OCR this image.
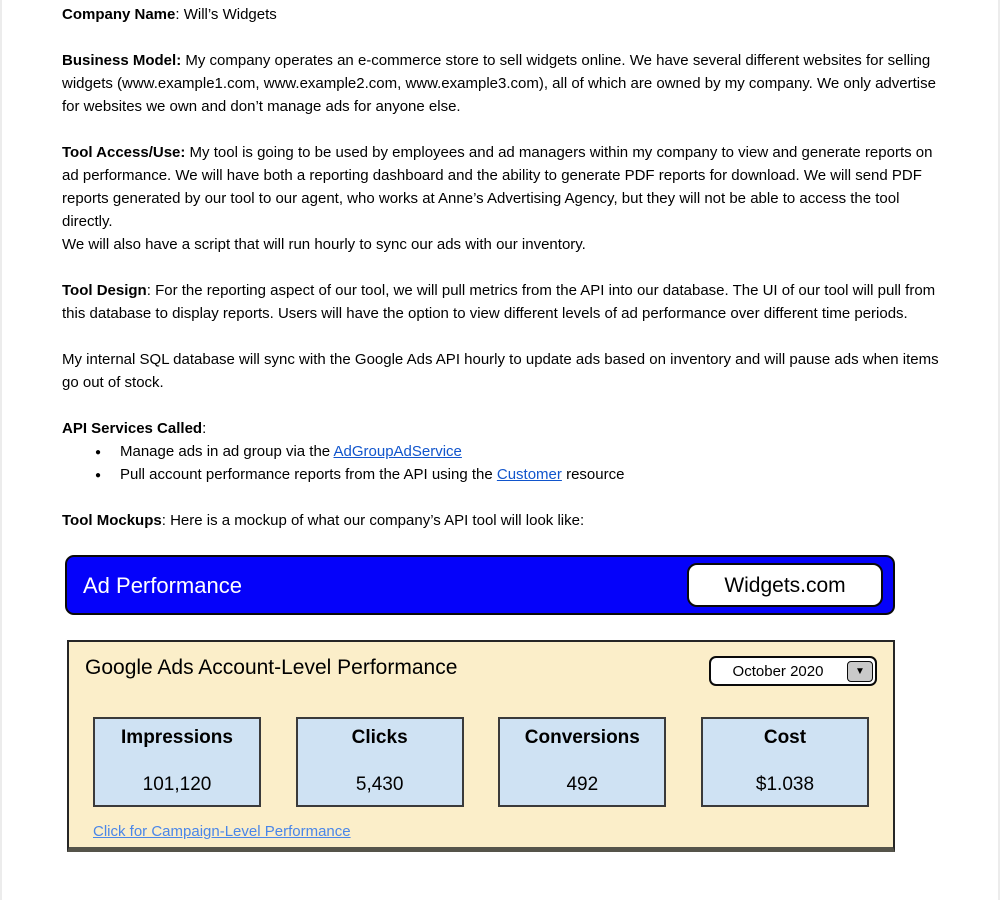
Company Name: Will’s Widgets

Business Model: My company operates an e-commerce store to sell widgets online. We have several different websites for selling widgets (www.example1.com, www.example2.com, www.example3.com), all of which are owned by my company. We only advertise for websites we own and don’t manage ads for anyone else.

Tool Access/Use: My tool is going to be used by employees and ad managers within my company to view and generate reports on ad performance. We will have both a reporting dashboard and the ability to generate PDF reports for download. We will send PDF reports generated by our tool to our agent, who works at Anne’s Advertising Agency, but they will not be able to access the tool directly.
We will also have a script that will run hourly to sync our ads with our inventory.

Tool Design: For the reporting aspect of our tool, we will pull metrics from the API into our database. The UI of our tool will pull from this database to display reports. Users will have the option to view different levels of ad performance over different time periods.

My internal SQL database will sync with the Google Ads API hourly to update ads based on inventory and will pause ads when items go out of stock.

API Services Called:

● Manage ads in ad group via the AdGroupAdService
● Pull account performance reports from the API using the Customer resource

Tool Mockups: Here is a mockup of what our company’s API tool will look like:

Ad Performance	Widgets.com
Google Ads Account-Level Performance	October 2020	▼
Impressions
101,120
Clicks
5,430
Conversions
492
Cost
$1.038
Click for Campaign-Level Performance
